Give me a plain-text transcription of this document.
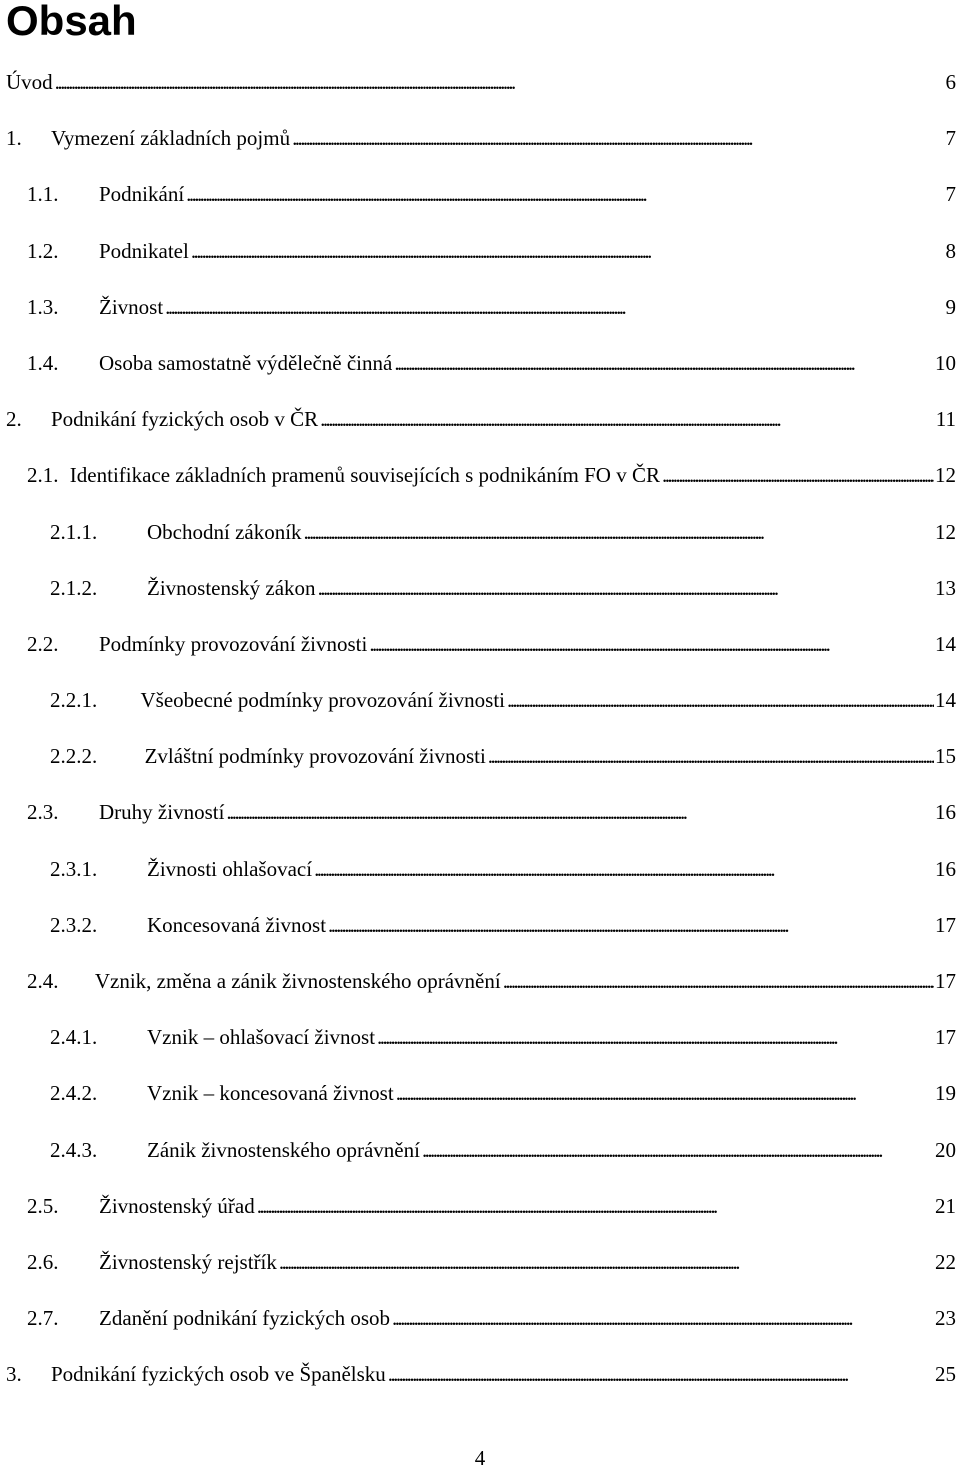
Obsah
Úvod . . .	6
1.	Vymezení základních pojmů . . .	7
1.1.	Podnikání . . .	7
1.2.	Podnikatel . . .	8
1.3.	Živnost . . .	9
1.4.	Osoba samostatně výdělečně činná . . .	10
2.	Podnikání fyzických osob v ČR . . .	11
2.1. Identifikace základních pramenů souvisejících s podnikáním FO v ČR . . .	12
2.1.1.	Obchodní zákoník . . .	12
2.1.2.	Živnostenský zákon . . .	13
2.2.	Podmínky provozování živnosti . . .	14
2.2.1.	Všeobecné podmínky provozování živnosti . . .	14
2.2.2.	Zvláštní podmínky provozování živnosti . . .	15
2.3.	Druhy živností . . .	16
2.3.1.	Živnosti ohlašovací . . .	16
2.3.2.	Koncesovaná živnost . . .	17
2.4.	Vznik, změna a zánik živnostenského oprávnění . . .	17
2.4.1.	Vznik – ohlašovací živnost . . .	17
2.4.2.	Vznik – koncesovaná živnost . . .	19
2.4.3.	Zánik živnostenského oprávnění . . .	20
2.5.	Živnostenský úřad . . .	21
2.6.	Živnostenský rejstřík . . .	22
2.7.	Zdanění podnikání fyzických osob . . .	23
3.	Podnikání fyzických osob ve Španělsku . . .	25
4
